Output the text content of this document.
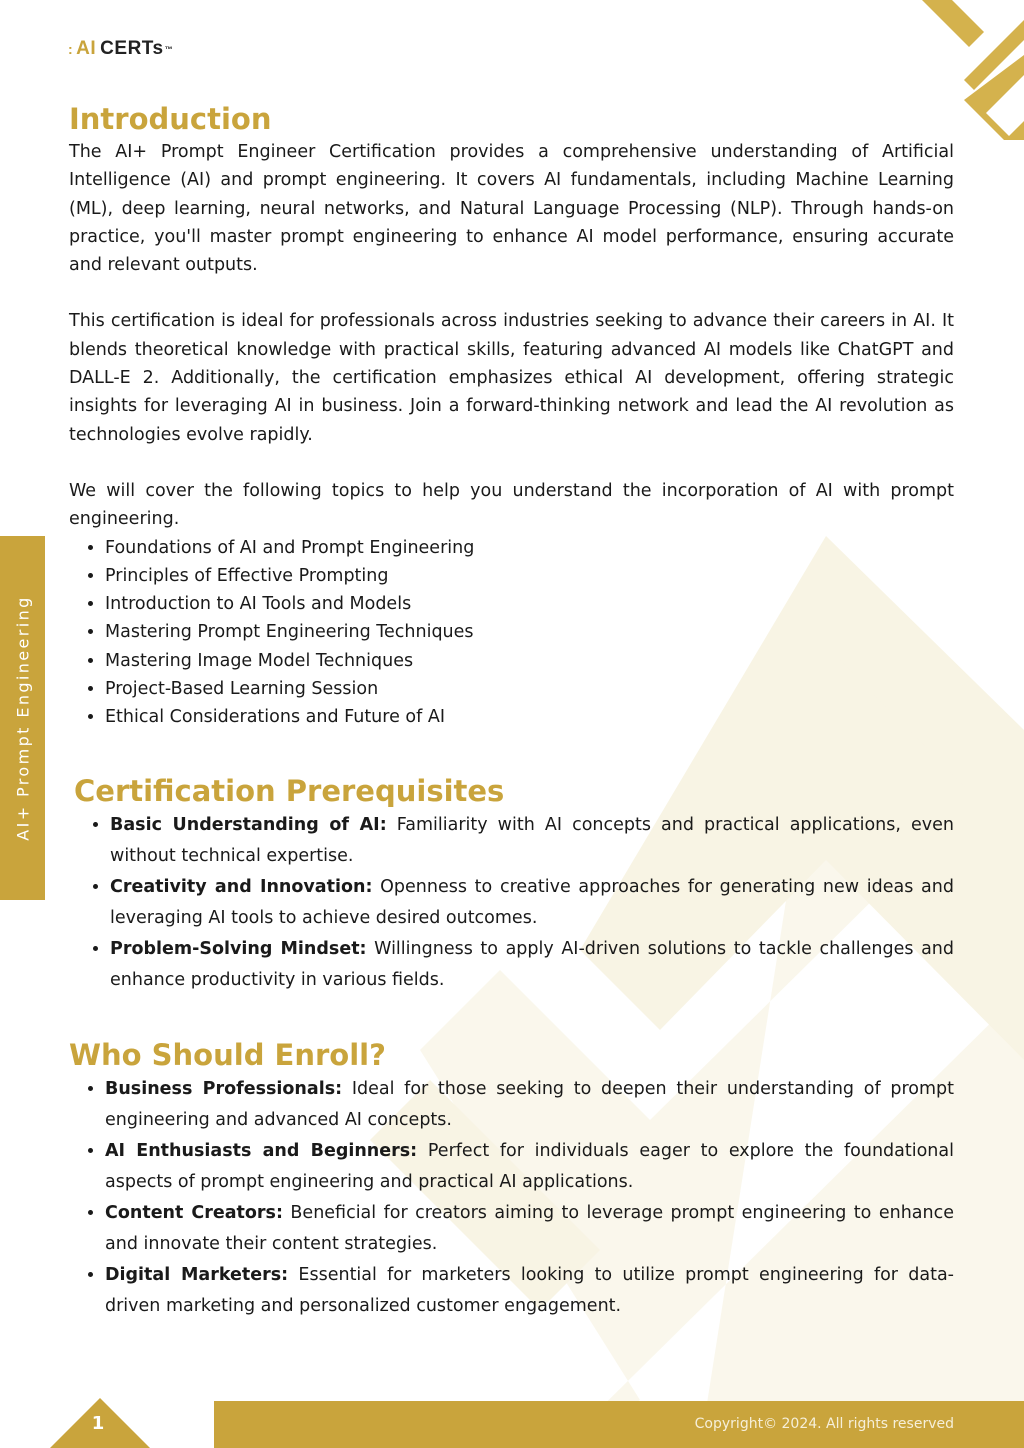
: AI CERTs ™
AI+ Prompt Engineering
Introduction

The AI+ Prompt Engineer Certification provides a comprehensive understanding of Artificial Intelligence (AI) and prompt engineering. It covers AI fundamentals, including Machine Learning (ML), deep learning, neural networks, and Natural Language Processing (NLP). Through hands-on practice, you'll master prompt engineering to enhance AI model performance, ensuring accurate and relevant outputs.

This certification is ideal for professionals across industries seeking to advance their careers in AI. It blends theoretical knowledge with practical skills, featuring advanced AI models like ChatGPT and DALL-E 2. Additionally, the certification emphasizes ethical AI development, offering strategic insights for leveraging AI in business. Join a forward-thinking network and lead the AI revolution as technologies evolve rapidly.

We will cover the following topics to help you understand the incorporation of AI with prompt engineering.

• Foundations of AI and Prompt Engineering
• Principles of Effective Prompting
• Introduction to AI Tools and Models
• Mastering Prompt Engineering Techniques
• Mastering Image Model Techniques
• Project-Based Learning Session
• Ethical Considerations and Future of AI
Certification Prerequisites
• Basic Understanding of AI: Familiarity with AI concepts and practical applications, even without technical expertise.
• Creativity and Innovation: Openness to creative approaches for generating new ideas and leveraging AI tools to achieve desired outcomes.
• Problem-Solving Mindset: Willingness to apply AI-driven solutions to tackle challenges and enhance productivity in various fields.
Who Should Enroll?
• Business Professionals: Ideal for those seeking to deepen their understanding of prompt engineering and advanced AI concepts.
• AI Enthusiasts and Beginners: Perfect for individuals eager to explore the foundational aspects of prompt engineering and practical AI applications.
• Content Creators: Beneficial for creators aiming to leverage prompt engineering to enhance and innovate their content strategies.
• Digital Marketers: Essential for marketers looking to utilize prompt engineering for data-driven marketing and personalized customer engagement.
1	Copyright© 2024. All rights reserved
